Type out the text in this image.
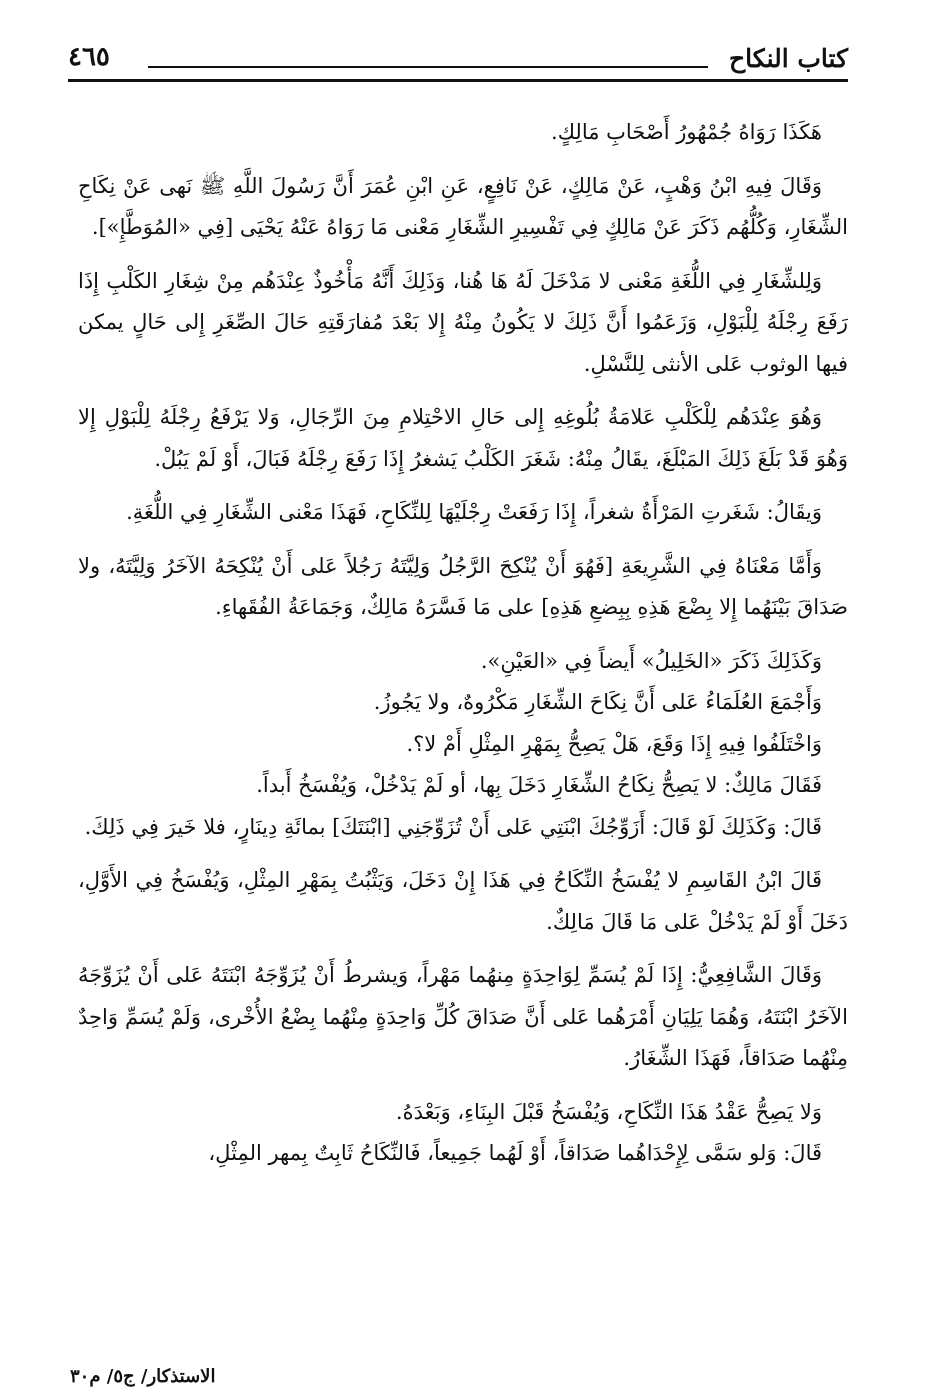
كتاب النكاح
٤٦٥

هَكَذَا رَوَاهُ جُمْهُورُ أَصْحَابِ مَالِكٍ.

وَقَالَ فِيهِ ابْنُ وَهْبٍ، عَنْ مَالِكٍ، عَنْ نَافِعٍ، عَنِ ابْنِ عُمَرَ أَنَّ رَسُولَ اللَّهِ ﷺ نَهى عَنْ نِكَاحِ الشِّغَارِ، وَكُلُّهُم ذَكَرَ عَنْ مَالِكٍ فِي تَفْسِيرِ الشِّغَارِ مَعْنى مَا رَوَاهُ عَنْهُ يَحْيَى [فِي «المُوَطَّإِ»].

وَلِلشِّغَارِ فِي اللُّغَةِ مَعْنى لا مَدْخَلَ لَهُ هَا هُنا، وَذَلِكَ أَنَّهُ مَأْخُوذٌ عِنْدَهُم مِنْ شِغَارِ الكَلْبِ إِذَا رَفَعَ رِجْلَهُ لِلْبَوْلِ، وَزَعَمُوا أَنَّ ذَلِكَ لا يَكُونُ مِنْهُ إِلا بَعْدَ مُفارَقَتِهِ حَالَ الصِّغَرِ إِلى حَالٍ يمكن فيها الوثوب عَلى الأنثى لِلنَّسْلِ.

وَهُوَ عِنْدَهُم لِلْكَلْبِ عَلامَةُ بُلُوغِهِ إِلى حَالِ الاحْتِلامِ مِنَ الرِّجَالِ، وَلا يَرْفَعُ رِجْلَهُ لِلْبَوْلِ إِلا وَهُوَ قَدْ بَلَغَ ذَلِكَ المَبْلَغَ، يقَالُ مِنْهُ: شَغَرَ الكَلْبُ يَشغرُ إِذَا رَفَعَ رِجْلَهُ فَبَالَ، أَوْ لَمْ يَبُلْ.

وَيقَالُ: شَغَرتِ المَرْأَةُ شغراً، إِذَا رَفَعَتْ رِجْلَيْهَا لِلنِّكَاحِ، فَهَذَا مَعْنى الشِّغَارِ فِي اللُّغَةِ.

وَأَمَّا مَعْنَاهُ فِي الشَّرِيعَةِ [فَهُوَ أَنْ يُنْكِحَ الرَّجُلُ وَلِيَّتَهُ رَجُلاً عَلى أَنْ يُنْكِحَهُ الآخَرُ وَلِيَّتَهُ، ولا صَدَاقَ بَيْنَهُما إِلا بِضْعَ هَذِهِ بِبِضعِ هَذِهِ] على مَا فَسَّرَهُ مَالِكٌ، وَجَمَاعَةُ الفُقَهاءِ.

وَكَذَلِكَ ذَكَرَ «الخَلِيلُ» أَيضاً فِي «العَيْنِ».

وَأَجْمَعَ العُلَمَاءُ عَلى أَنَّ نِكَاحَ الشِّغَارِ مَكْرُوهٌ، ولا يَجُوزُ.

وَاخْتَلَفُوا فِيهِ إِذَا وَقَعَ، هَلْ يَصِحُّ بِمَهْرِ المِثْلِ أَمْ لا؟.

فَقَالَ مَالِكٌ: لا يَصِحُّ نِكَاحُ الشِّغَارِ دَخَلَ بِها، أو لَمْ يَدْخُلْ، وَيُفْسَخُ أَبداً.

قَالَ: وَكَذَلِكَ لَوْ قَالَ: أَزَوِّجُكَ ابْنَتِي عَلى أَنْ تُزَوِّجَنِي [ابْنَتَكَ] بمائَةِ دِينَارٍ، فلا خَيرَ فِي ذَلِكَ.

قَالَ ابْنُ القَاسِمِ لا يُفْسَخُ النِّكَاحُ فِي هَذَا إِنْ دَخَلَ، وَيَثْبُتُ بِمَهْرِ المِثْلِ، وَيُفْسَخُ فِي الأَوَّلِ، دَخَلَ أَوْ لَمْ يَدْخُلْ عَلى مَا قَالَ مَالِكٌ.

وَقَالَ الشَّافِعِيُّ: إِذَا لَمْ يُسَمِّ لِوَاحِدَةٍ مِنهُما مَهْراً، وَيشرطُ أَنْ يُزَوِّجَهُ ابْنَتَهُ عَلى أَنْ يُزَوِّجَهُ الآخَرُ ابْنَتَهُ، وَهُمَا يَلِيَانِ أَمْرَهُما عَلى أَنَّ صَدَاقَ كُلِّ وَاحِدَةٍ مِنْهُما بِضْعُ الأُخْرى، وَلَمْ يُسَمِّ وَاحِدٌ مِنْهُما صَدَاقاً، فَهَذَا الشِّغَارُ.

وَلا يَصِحُّ عَقْدُ هَذَا النِّكَاحِ، وَيُفْسَخُ قَبْلَ البِنَاءِ، وَبَعْدَهُ.

قَالَ: وَلو سَمَّى لِإِحْدَاهُما صَدَاقاً، أَوْ لَهُما جَمِيعاً، فَالنِّكَاحُ ثَابِتٌ بِمهر المِثْلِ،

الاستذكار/ ج٥/ م٣٠
